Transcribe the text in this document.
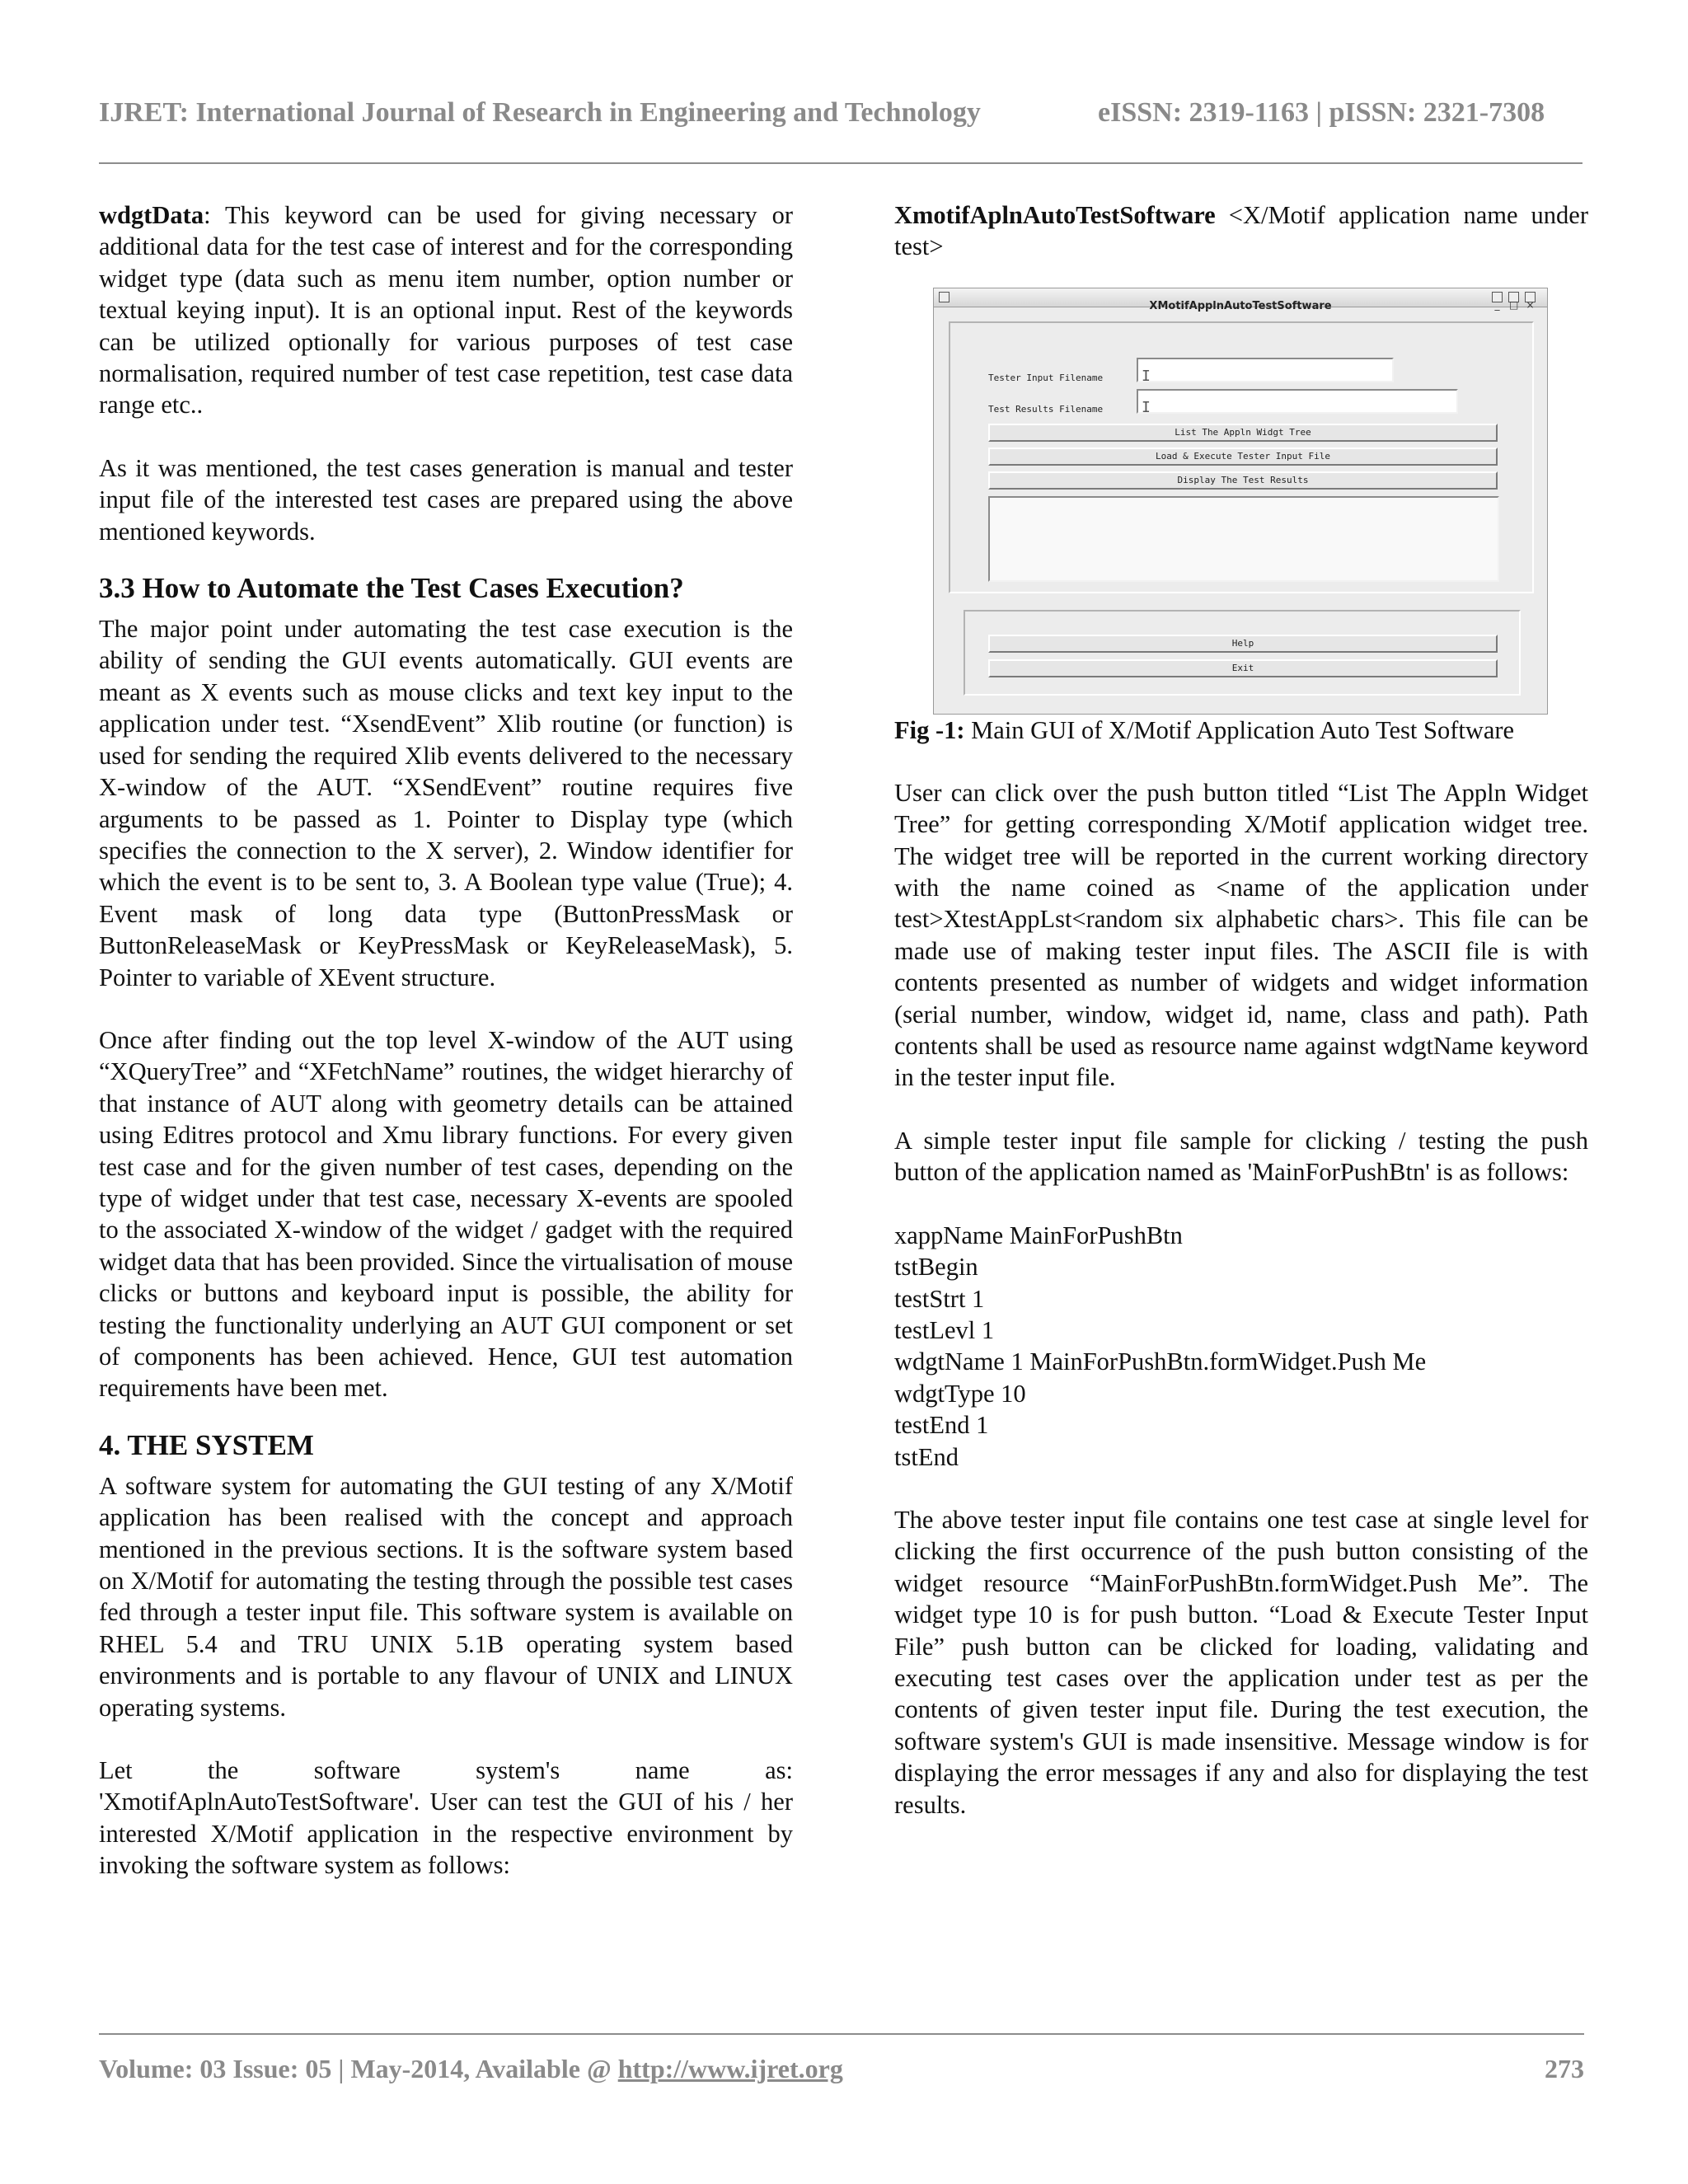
IJRET: International Journal of Research in Engineering and Technology	eISSN: 2319-1163 | pISSN: 2321-7308

wdgtData: This keyword can be used for giving necessary or additional data for the test case of interest and for the corresponding widget type (data such as menu item number, option number or textual keying input). It is an optional input. Rest of the keywords can be utilized optionally for various purposes of test case normalisation, required number of test case repetition, test case data range etc..

As it was mentioned, the test cases generation is manual and tester input file of the interested test cases are prepared using the above mentioned keywords.

3.3 How to Automate the Test Cases Execution?

The major point under automating the test case execution is the ability of sending the GUI events automatically. GUI events are meant as X events such as mouse clicks and text key input to the application under test. “XsendEvent” Xlib routine (or function) is used for sending the required Xlib events delivered to the necessary X-window of the AUT. “XSendEvent” routine requires five arguments to be passed as 1. Pointer to Display type (which specifies the connection to the X server), 2. Window identifier for which the event is to be sent to, 3. A Boolean type value (True); 4. Event mask of long data type (ButtonPressMask or ButtonReleaseMask or KeyPressMask or KeyReleaseMask), 5. Pointer to variable of XEvent structure.

Once after finding out the top level X-window of the AUT using “XQueryTree” and “XFetchName” routines, the widget hierarchy of that instance of AUT along with geometry details can be attained using Editres protocol and Xmu library functions. For every given test case and for the given number of test cases, depending on the type of widget under that test case, necessary X-events are spooled to the associated X-window of the widget / gadget with the required widget data that has been provided. Since the virtualisation of mouse clicks or buttons and keyboard input is possible, the ability for testing the functionality underlying an AUT GUI component or set of components has been achieved. Hence, GUI test automation requirements have been met.

4. THE SYSTEM

A software system for automating the GUI testing of any X/Motif application has been realised with the concept and approach mentioned in the previous sections. It is the software system based on X/Motif for automating the testing through the possible test cases fed through a tester input file. This software system is available on RHEL 5.4 and TRU UNIX 5.1B operating system based environments and is portable to any flavour of UNIX and LINUX operating systems.

Let the software system's name as:

'XmotifAplnAutoTestSoftware'. User can test the GUI of his / her interested X/Motif application in the respective environment by invoking the software system as follows:

XmotifAplnAutoTestSoftware <X/Motif application name under test>

XMotifApplnAutoTestSoftware	_ □ ×
Tester Input Filename	I
Test Results Filename	I
List The Appln Widgt Tree
Load & Execute Tester Input File
Display The Test Results
Help
Exit

Fig -1: Main GUI of X/Motif Application Auto Test Software

User can click over the push button titled “List The Appln Widget Tree” for getting corresponding X/Motif application widget tree. The widget tree will be reported in the current working directory with the name coined as <name of the application under test>XtestAppLst<random six alphabetic chars>. This file can be made use of making tester input files. The ASCII file is with contents presented as number of widgets and widget information (serial number, window, widget id, name, class and path). Path contents shall be used as resource name against wdgtName keyword in the tester input file.

A simple tester input file sample for clicking / testing the push button of the application named as 'MainForPushBtn' is as follows:

xappName MainForPushBtn
tstBegin
testStrt 1
testLevl 1
wdgtName 1 MainForPushBtn.formWidget.Push Me
wdgtType 10
testEnd 1
tstEnd

The above tester input file contains one test case at single level for clicking the first occurrence of the push button consisting of the widget resource “MainForPushBtn.formWidget.Push Me”. The widget type 10 is for push button. “Load & Execute Tester Input File” push button can be clicked for loading, validating and executing test cases over the application under test as per the contents of given tester input file. During the test execution, the software system's GUI is made insensitive. Message window is for displaying the error messages if any and also for displaying the test results.

Volume: 03 Issue: 05 | May-2014, Available @ http://www.ijret.org	273
